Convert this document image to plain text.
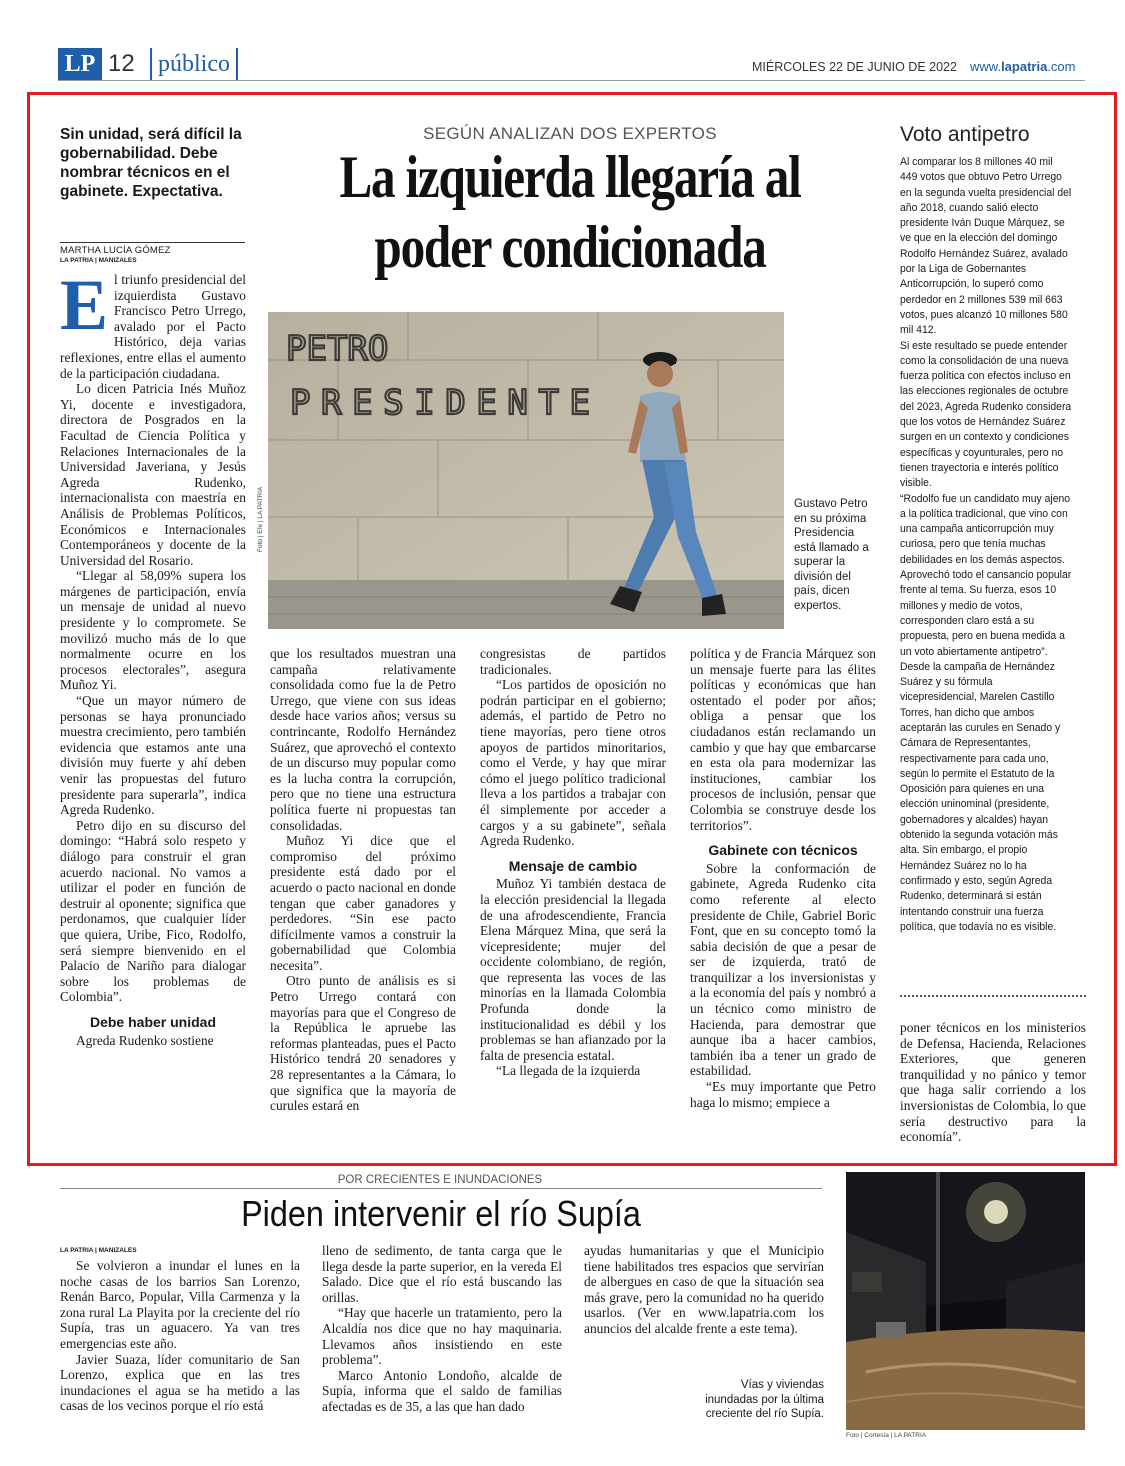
LP 12 público	MIÉRCOLES 22 DE JUNIO DE 2022 www.lapatria.com
Sin unidad, será difícil la gobernabilidad. Debe nombrar técnicos en el gabinete. Expectativa.
MARTHA LUCÍA GÓMEZ
LA PATRIA | MANIZALES

El triunfo presidencial del izquierdista Gustavo Francisco Petro Urrego, avalado por el Pacto Histórico, deja varias reflexiones, entre ellas el aumento de la participación ciudadana.

Lo dicen Patricia Inés Muñoz Yi, docente e investigadora, directora de Posgrados en la Facultad de Ciencia Política y Relaciones Internacionales de la Universidad Javeriana, y Jesús Agreda Rudenko, internacionalista con maestría en Análisis de Problemas Políticos, Económicos e Internacionales Contemporáneos y docente de la Universidad del Rosario.

“Llegar al 58,09% supera los márgenes de participación, envía un mensaje de unidad al nuevo presidente y lo compromete. Se movilizó mucho más de lo que normalmente ocurre en los procesos electorales”, asegura Muñoz Yi.

“Que un mayor número de personas se haya pronunciado muestra crecimiento, pero también evidencia que estamos ante una división muy fuerte y ahí deben venir las propuestas del futuro presidente para superarla”, indica Agreda Rudenko.

Petro dijo en su discurso del domingo: “Habrá solo respeto y diálogo para construir el gran acuerdo nacional. No vamos a utilizar el poder en función de destruir al oponente; significa que perdonamos, que cualquier líder que quiera, Uribe, Fico, Rodolfo, será siempre bienvenido en el Palacio de Nariño para dialogar sobre los problemas de Colombia”.

Debe haber unidad

Agreda Rudenko sostiene

SEGÚN ANALIZAN DOS EXPERTOS
La izquierda llegaría al poder condicionada
PETRO
PRESIDENTE
Foto | Efe | LA PATRIA	Gustavo Petro en su próxima Presidencia está llamado a superar la división del país, dicen expertos.

que los resultados muestran una campaña relativamente consolidada como fue la de Petro Urrego, que viene con sus ideas desde hace varios años; versus su contrincante, Rodolfo Hernández Suárez, que aprovechó el contexto de un discurso muy popular como es la lucha contra la corrupción, pero que no tiene una estructura política fuerte ni propuestas tan consolidadas.

Muñoz Yi dice que el compromiso del próximo presidente está dado por el acuerdo o pacto nacional en donde tengan que caber ganadores y perdedores. “Sin ese pacto difícilmente vamos a construir la gobernabilidad que Colombia necesita”.

Otro punto de análisis es si Petro Urrego contará con mayorías para que el Congreso de la República le apruebe las reformas planteadas, pues el Pacto Histórico tendrá 20 senadores y 28 representantes a la Cámara, lo que significa que la mayoría de curules estará en

congresistas de partidos tradicionales.

“Los partidos de oposición no podrán participar en el gobierno; además, el partido de Petro no tiene mayorías, pero tiene otros apoyos de partidos minoritarios, como el Verde, y hay que mirar cómo el juego político tradicional lleva a los partidos a trabajar con él simplemente por acceder a cargos y a su gabinete”, señala Agreda Rudenko.

Mensaje de cambio

Muñoz Yi también destaca de la elección presidencial la llegada de una afrodescendiente, Francia Elena Márquez Mina, que será la vicepresidente; mujer del occidente colombiano, de región, que representa las voces de las minorías en la llamada Colombia Profunda donde la institucionalidad es débil y los problemas se han afianzado por la falta de presencia estatal.

“La llegada de la izquierda

política y de Francia Márquez son un mensaje fuerte para las élites políticas y económicas que han ostentado el poder por años; obliga a pensar que los ciudadanos están reclamando un cambio y que hay que embarcarse en esta ola para modernizar las instituciones, cambiar los procesos de inclusión, pensar que Colombia se construye desde los territorios”.

Gabinete con técnicos

Sobre la conformación de gabinete, Agreda Rudenko cita como referente al electo presidente de Chile, Gabriel Boric Font, que en su concepto tomó la sabia decisión de que a pesar de ser de izquierda, trató de tranquilizar a los inversionistas y a la economía del país y nombró a un técnico como ministro de Hacienda, para demostrar que aunque iba a hacer cambios, también iba a tener un grado de estabilidad.

“Es muy importante que Petro haga lo mismo; empiece a

Voto antipetro

Al comparar los 8 millones 40 mil 449 votos que obtuvo Petro Urrego en la segunda vuelta presidencial del año 2018, cuando salió electo presidente Iván Duque Márquez, se ve que en la elección del domingo Rodolfo Hernández Suárez, avalado por la Liga de Gobernantes Anticorrupción, lo superó como perdedor en 2 millones 539 mil 663 votos, pues alcanzó 10 millones 580 mil 412.

Si este resultado se puede entender como la consolidación de una nueva fuerza política con efectos incluso en las elecciones regionales de octubre del 2023, Agreda Rudenko considera que los votos de Hernández Suárez surgen en un contexto y condiciones específicas y coyunturales, pero no tienen trayectoria e interés político visible.

“Rodolfo fue un candidato muy ajeno a la política tradicional, que vino con una campaña anticorrupción muy curiosa, pero que tenía muchas debilidades en los demás aspectos. Aprovechó todo el cansancio popular frente al tema. Su fuerza, esos 10 millones y medio de votos, corresponden claro está a su propuesta, pero en buena medida a un voto abiertamente antipetro”.

Desde la campaña de Hernández Suárez y su fórmula vicepresidencial, Marelen Castillo Torres, han dicho que ambos aceptarán las curules en Senado y Cámara de Representantes, respectivamente para cada uno, según lo permite el Estatuto de la Oposición para quienes en una elección uninominal (presidente, gobernadores y alcaldes) hayan obtenido la segunda votación más alta. Sin embargo, el propio Hernández Suárez no lo ha confirmado y esto, según Agreda Rudenko, determinará si están intentando construir una fuerza política, que todavía no es visible.

poner técnicos en los ministerios de Defensa, Hacienda, Relaciones Exteriores, que generen tranquilidad y no pánico y temor que haga salir corriendo a los inversionistas de Colombia, lo que sería destructivo para la economía”.

POR CRECIENTES E INUNDACIONES
Piden intervenir el río Supía
LA PATRIA | MANIZALES

Se volvieron a inundar el lunes en la noche casas de los barrios San Lorenzo, Renán Barco, Popular, Villa Carmenza y la zona rural La Playita por la creciente del río Supía, tras un aguacero. Ya van tres emergencias este año.

Javier Suaza, líder comunitario de San Lorenzo, explica que en las tres inundaciones el agua se ha metido a las casas de los vecinos porque el río está

lleno de sedimento, de tanta carga que le llega desde la parte superior, en la vereda El Salado. Dice que el río está buscando las orillas.

“Hay que hacerle un tratamiento, pero la Alcaldía nos dice que no hay maquinaria. Llevamos años insistiendo en este problema”.

Marco Antonio Londoño, alcalde de Supía, informa que el saldo de familias afectadas es de 35, a las que han dado

ayudas humanitarias y que el Municipio tiene habilitados tres espacios que servirían de albergues en caso de que la situación sea más grave, pero la comunidad no ha querido usarlos. (Ver en www.lapatria.com los anuncios del alcalde frente a este tema).

Vías y viviendas inundadas por la última creciente del río Supía.
Foto | Cortesía | LA PATRIA
